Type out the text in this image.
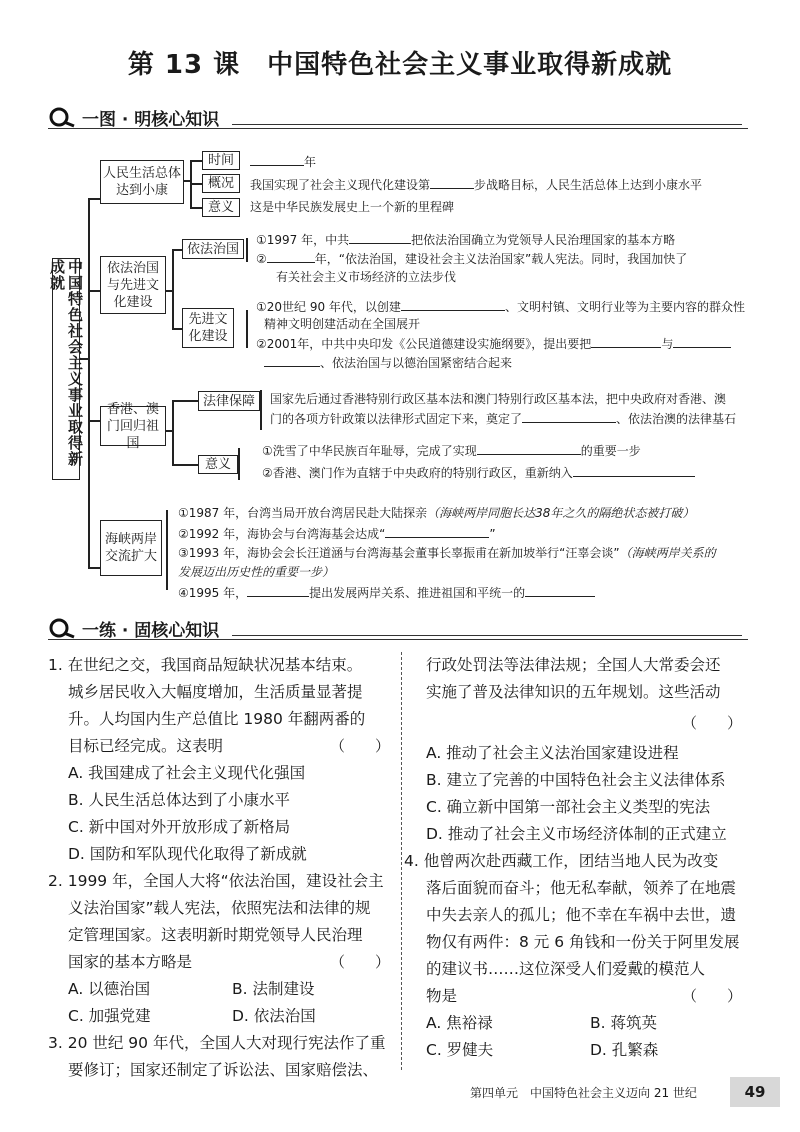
第 13 课　中国特色社会主义事业取得新成就
一图 · 明核心知识
中国特色社会主义事业取得新成就
人民生活总体达到小康
时间	年
概况 我国实现了社会主义现代化建设第	步战略目标，人民生活总体上达到小康水平
意义 这是中华民族发展史上一个新的里程碑
依法治国与先进文化建设
依法治国
①1997 年，中共	把依法治国确立为党领导人民治理国家的基本方略
②	年，“依法治国，建设社会主义法治国家”载人宪法。同时，我国加快了
有关社会主义市场经济的立法步伐
先进文化建设
①20世纪 90 年代，以创建	、文明村镇、文明行业等为主要内容的群众性
精神文明创建活动在全国展开
②2001年，中共中央印发《公民道德建设实施纲要》，提出要把	与
、依法治国与以德治国紧密结合起来
香港、澳门回归祖国
法律保障 国家先后通过香港特别行政区基本法和澳门特别行政区基本法，把中央政府对香港、澳
门的各项方针政策以法律形式固定下来，奠定了	、依法治澳的法律基石
意义
①洗雪了中华民族百年耻辱，完成了实现	的重要一步
②香港、澳门作为直辖于中央政府的特别行政区，重新纳入
海峡两岸交流扩大
①1987 年，台湾当局开放台湾居民赴大陆探亲（海峡两岸同胞长达38年之久的隔绝状态被打破）
②1992 年，海协会与台湾海基会达成“	”
③1993 年，海协会会长汪道涵与台湾海基会董事长辜振甫在新加坡举行“汪辜会谈”（海峡两岸关系的
发展迈出历史性的重要一步）
④1995 年，	提出发展两岸关系、推进祖国和平统一的
一练 · 固核心知识
1. 在世纪之交，我国商品短缺状况基本结束。
城乡居民收入大幅度增加，生活质量显著提
升。人均国内生产总值比 1980 年翻两番的
目标已经完成。这表明	（　　）
A. 我国建成了社会主义现代化强国
B. 人民生活总体达到了小康水平
C. 新中国对外开放形成了新格局
D. 国防和军队现代化取得了新成就
2. 1999 年，全国人大将“依法治国，建设社会主
义法治国家”载人宪法，依照宪法和法律的规
定管理国家。这表明新时期党领导人民治理
国家的基本方略是	（　　）
A. 以德治国	B. 法制建设
C. 加强党建	D. 依法治国
3. 20 世纪 90 年代，全国人大对现行宪法作了重
要修订；国家还制定了诉讼法、国家赔偿法、
行政处罚法等法律法规；全国人大常委会还
实施了普及法律知识的五年规划。这些活动
（　　）
A. 推动了社会主义法治国家建设进程
B. 建立了完善的中国特色社会主义法律体系
C. 确立新中国第一部社会主义类型的宪法
D. 推动了社会主义市场经济体制的正式建立
4. 他曾两次赴西藏工作，团结当地人民为改变
落后面貌而奋斗；他无私奉献，领养了在地震
中失去亲人的孤儿；他不幸在车祸中去世，遗
物仅有两件：8 元 6 角钱和一份关于阿里发展
的建议书……这位深受人们爱戴的模范人
物是	（　　）
A. 焦裕禄	B. 蒋筑英
C. 罗健夫	D. 孔繁森
第四单元　中国特色社会主义迈向 21 世纪	49
